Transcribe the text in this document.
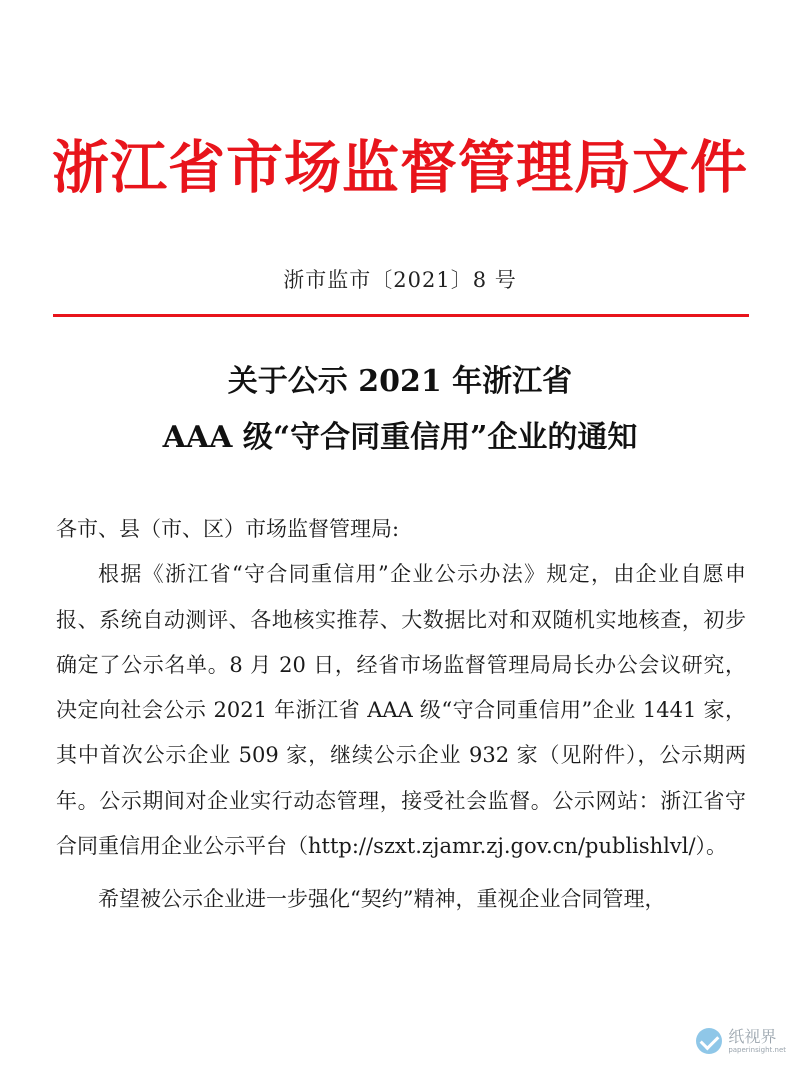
浙江省市场监督管理局文件
浙市监市〔2021〕8 号
关于公示 2021 年浙江省
AAA 级“守合同重信用”企业的通知

各市、县（市、区）市场监督管理局:

根据《浙江省“守合同重信用”企业公示办法》规定，由企业自愿申报、系统自动测评、各地核实推荐、大数据比对和双随机实地核查，初步确定了公示名单。8 月 20 日，经省市场监督管理局局长办公会议研究，决定向社会公示 2021 年浙江省 AAA 级“守合同重信用”企业 1441 家，其中首次公示企业 509 家，继续公示企业 932 家（见附件），公示期两年。公示期间对企业实行动态管理，接受社会监督。公示网站：浙江省守合同重信用企业公示平台（http://szxt.zjamr.zj.gov.cn/publishlvl/）。

希望被公示企业进一步强化“契约”精神，重视企业合同管理，

纸视界
paperinsight.net
